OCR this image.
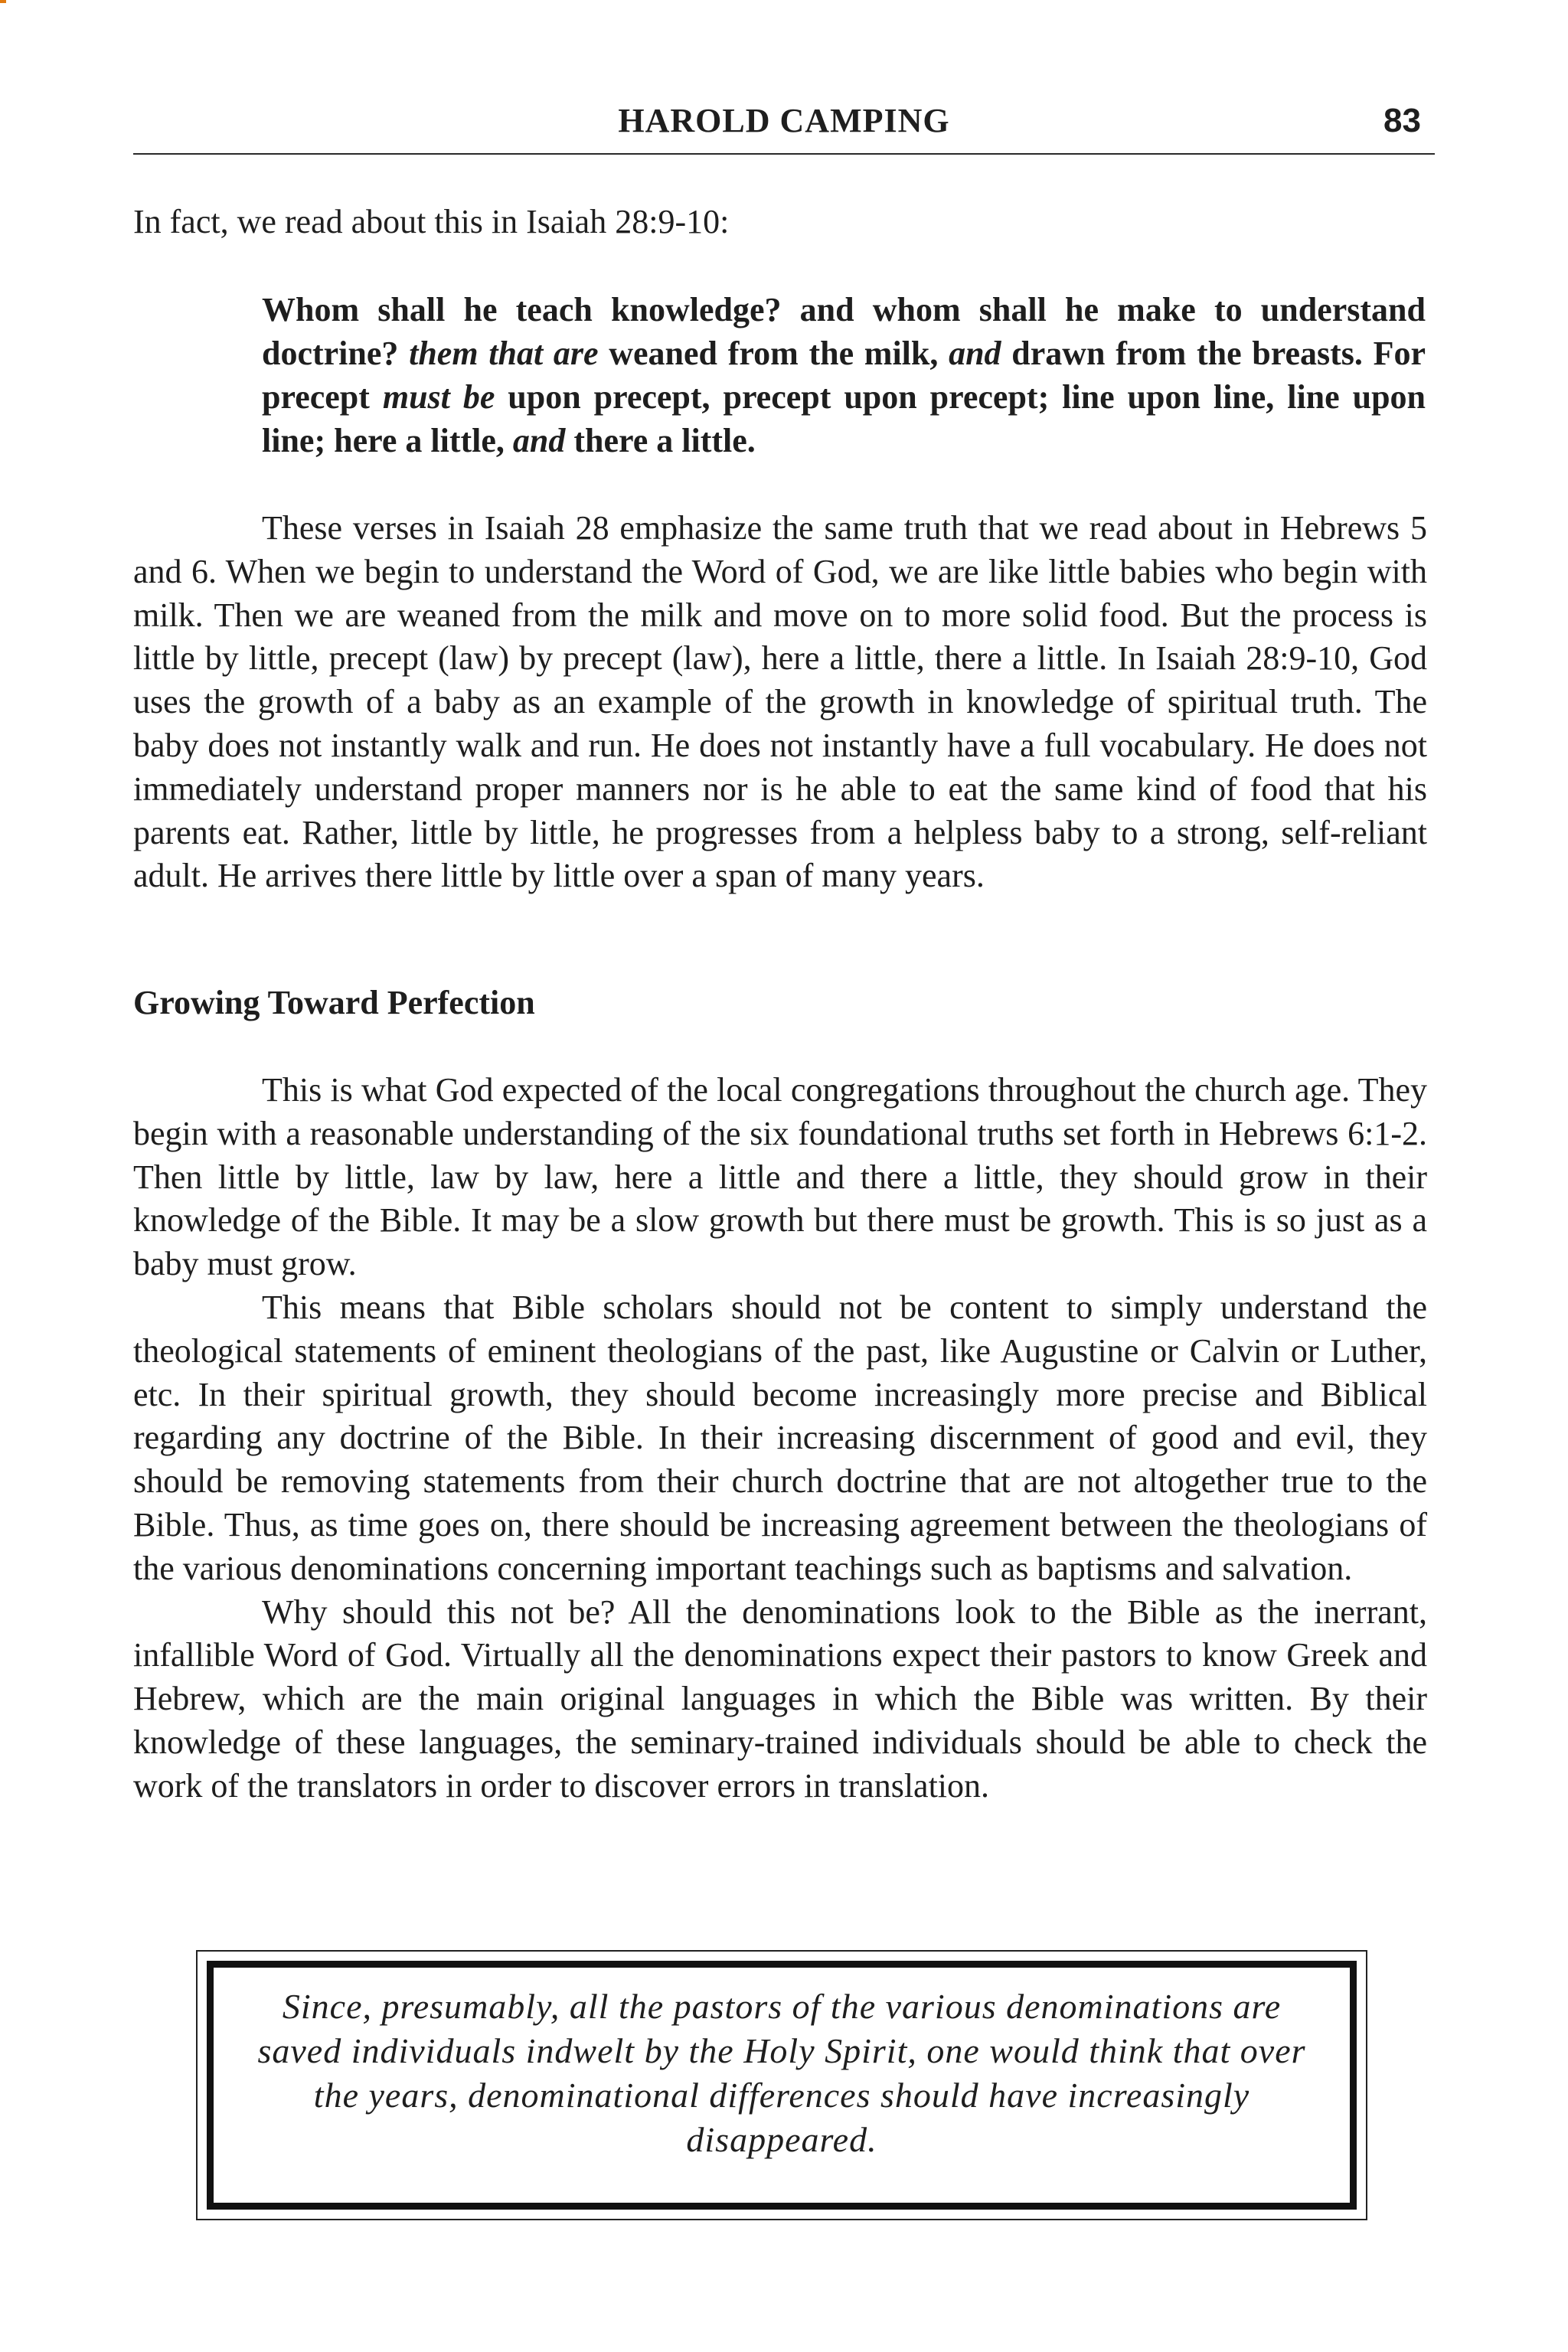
HAROLD CAMPING	83
In fact, we read about this in Isaiah 28:9-10:
Whom shall he teach knowledge? and whom shall he make to understand doctrine? them that are weaned from the milk, and drawn from the breasts. For precept must be upon precept, precept upon precept; line upon line, line upon line; here a little, and there a little.

These verses in Isaiah 28 emphasize the same truth that we read about in Hebrews 5 and 6. When we begin to understand the Word of God, we are like little babies who begin with milk. Then we are weaned from the milk and move on to more solid food. But the process is little by little, precept (law) by precept (law), here a little, there a little. In Isaiah 28:9-10, God uses the growth of a baby as an example of the growth in knowledge of spiritual truth. The baby does not instantly walk and run. He does not instantly have a full vocabulary. He does not immediately understand proper manners nor is he able to eat the same kind of food that his parents eat. Rather, little by little, he progresses from a helpless baby to a strong, self-reliant adult. He arrives there little by little over a span of many years.

Growing Toward Perfection

This is what God expected of the local congregations throughout the church age. They begin with a reasonable understanding of the six foundational truths set forth in Hebrews 6:1-2. Then little by little, law by law, here a little and there a little, they should grow in their knowledge of the Bible. It may be a slow growth but there must be growth. This is so just as a baby must grow.

This means that Bible scholars should not be content to simply understand the theological statements of eminent theologians of the past, like Augustine or Calvin or Luther, etc. In their spiritual growth, they should become increasingly more precise and Biblical regarding any doctrine of the Bible. In their increasing discernment of good and evil, they should be removing statements from their church doctrine that are not altogether true to the Bible. Thus, as time goes on, there should be increasing agreement between the theologians of the various denominations concerning important teachings such as baptisms and salvation.

Why should this not be? All the denominations look to the Bible as the inerrant, infallible Word of God. Virtually all the denominations expect their pastors to know Greek and Hebrew, which are the main original languages in which the Bible was written. By their knowledge of these languages, the seminary-trained individuals should be able to check the work of the translators in order to discover errors in translation.

Since, presumably, all the pastors of the various denominations are saved individuals indwelt by the Holy Spirit, one would think that over the years, denominational differences should have increasingly disappeared.
